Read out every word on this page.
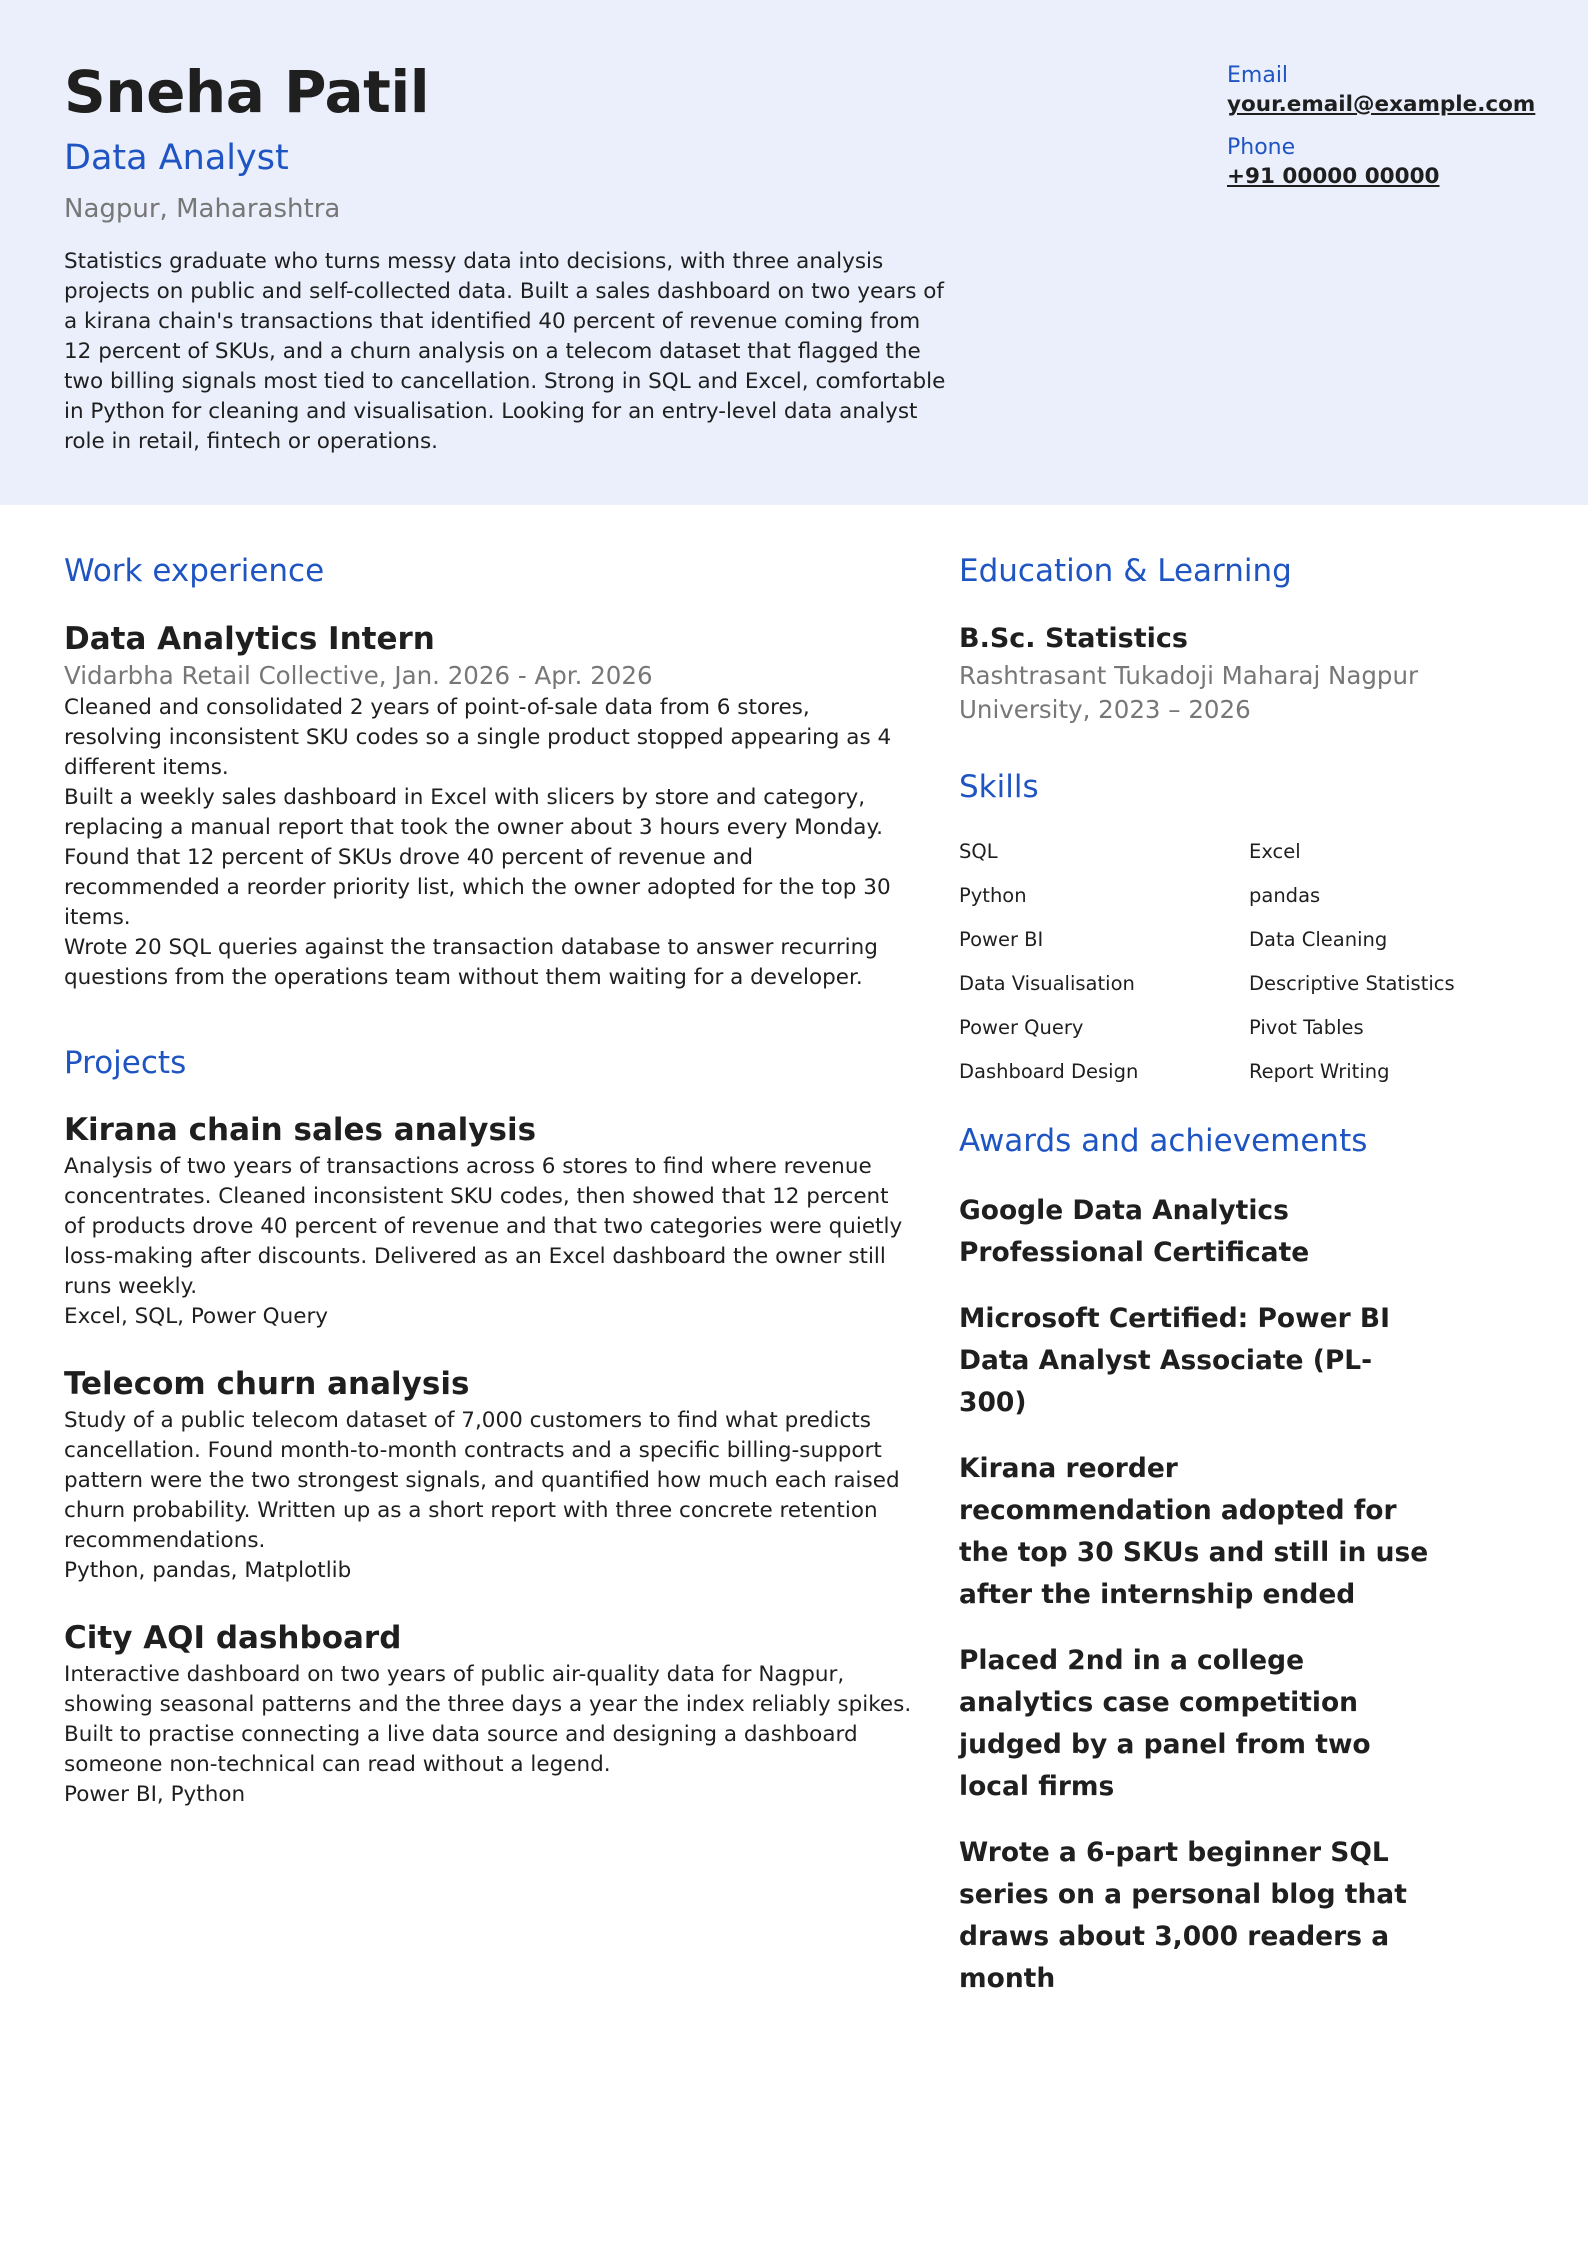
Sneha Patil
Data Analyst

Nagpur, Maharashtra

Statistics graduate who turns messy data into decisions, with three analysis projects on public and self-collected data. Built a sales dashboard on two years of a kirana chain's transactions that identified 40 percent of revenue coming from 12 percent of SKUs, and a churn analysis on a telecom dataset that flagged the two billing signals most tied to cancellation. Strong in SQL and Excel, comfortable in Python for cleaning and visualisation. Looking for an entry-level data analyst role in retail, fintech or operations.

Email
your.email@example.com
Phone
+91 00000 00000
Work experience

Data Analytics Intern

Vidarbha Retail Collective, Jan. 2026 - Apr. 2026

Cleaned and consolidated 2 years of point-of-sale data from 6 stores, resolving inconsistent SKU codes so a single product stopped appearing as 4 different items.

Built a weekly sales dashboard in Excel with slicers by store and category, replacing a manual report that took the owner about 3 hours every Monday.

Found that 12 percent of SKUs drove 40 percent of revenue and recommended a reorder priority list, which the owner adopted for the top 30 items.

Wrote 20 SQL queries against the transaction database to answer recurring questions from the operations team without them waiting for a developer.

Projects

Kirana chain sales analysis

Analysis of two years of transactions across 6 stores to find where revenue concentrates. Cleaned inconsistent SKU codes, then showed that 12 percent of products drove 40 percent of revenue and that two categories were quietly loss-making after discounts. Delivered as an Excel dashboard the owner still runs weekly.

Excel, SQL, Power Query

Telecom churn analysis

Study of a public telecom dataset of 7,000 customers to find what predicts cancellation. Found month-to-month contracts and a specific billing-support pattern were the two strongest signals, and quantified how much each raised churn probability. Written up as a short report with three concrete retention recommendations.

Python, pandas, Matplotlib

City AQI dashboard

Interactive dashboard on two years of public air-quality data for Nagpur, showing seasonal patterns and the three days a year the index reliably spikes. Built to practise connecting a live data source and designing a dashboard someone non-technical can read without a legend.

Power BI, Python

Education & Learning

B.Sc. Statistics

Rashtrasant Tukadoji Maharaj Nagpur University, 2023 – 2026

Skills
SQL	Excel
Python	pandas
Power BI	Data Cleaning
Data Visualisation	Descriptive Statistics
Power Query	Pivot Tables
Dashboard Design	Report Writing
Awards and achievements

Google Data Analytics Professional Certificate

Microsoft Certified: Power BI Data Analyst Associate (PL-300)

Kirana reorder recommendation adopted for the top 30 SKUs and still in use after the internship ended

Placed 2nd in a college analytics case competition judged by a panel from two local firms

Wrote a 6-part beginner SQL series on a personal blog that draws about 3,000 readers a month
